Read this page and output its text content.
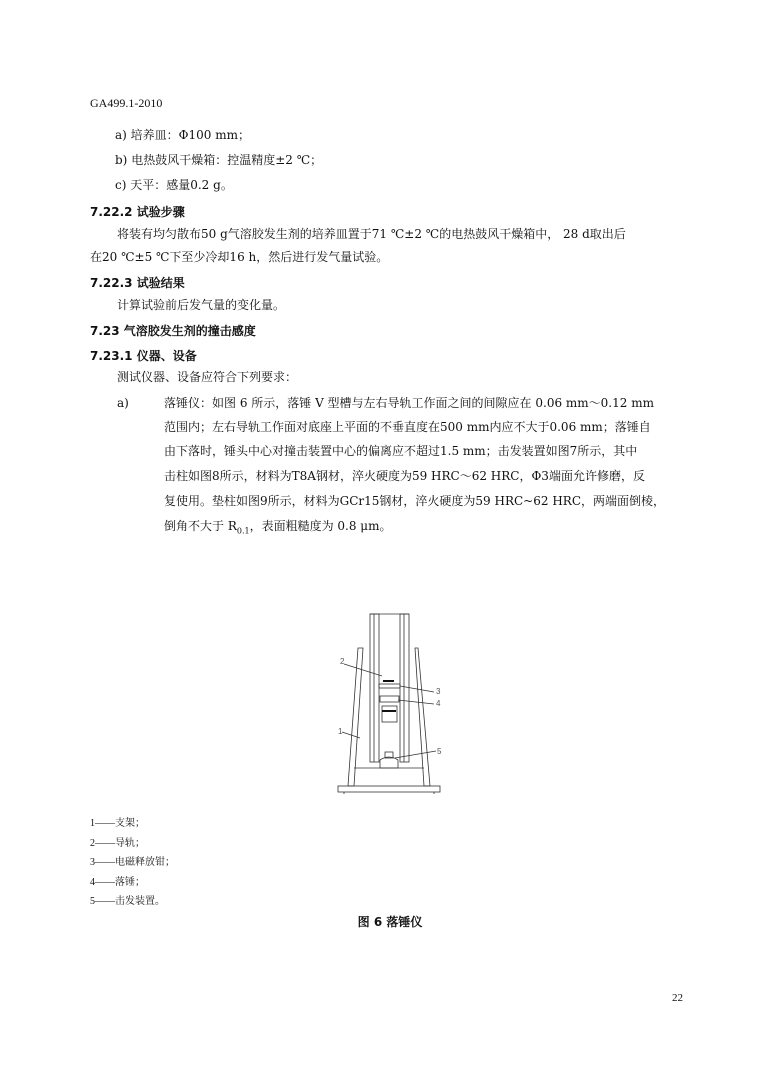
GA499.1-2010
a) 培养皿：Φ100 mm；
b) 电热鼓风干燥箱：控温精度±2 ℃；
c) 天平：感量0.2 g。
7.22.2 试验步骤
将装有均匀散布50 g气溶胶发生剂的培养皿置于71 ℃±2 ℃的电热鼓风干燥箱中， 28 d取出后
在20 ℃±5 ℃下至少冷却16 h，然后进行发气量试验。
7.22.3 试验结果
计算试验前后发气量的变化量。
7.23 气溶胶发生剂的撞击感度
7.23.1 仪器、设备
测试仪器、设备应符合下列要求：
a)	落锤仪：如图 6 所示，落锤 V 型槽与左右导轨工作面之间的间隙应在 0.06 mm～0.12 mm
范围内；左右导轨工作面对底座上平面的不垂直度在500 mm内应不大于0.06 mm；落锤自
由下落时，锤头中心对撞击装置中心的偏离应不超过1.5 mm；击发装置如图7所示，其中
击柱如图8所示，材料为T8A钢材，淬火硬度为59 HRC～62 HRC，Φ3端面允许修磨，反
复使用。垫柱如图9所示，材料为GCr15钢材，淬火硬度为59 HRC~62 HRC，两端面倒棱，
倒角不大于 $R_{0.1}$，表面粗糙度为 0.8 μm。
2
3
4
1
5
1——支架；
2——导轨；
3——电磁释放钳；
4——落锤；
5——击发装置。
图 6 落锤仪
22
